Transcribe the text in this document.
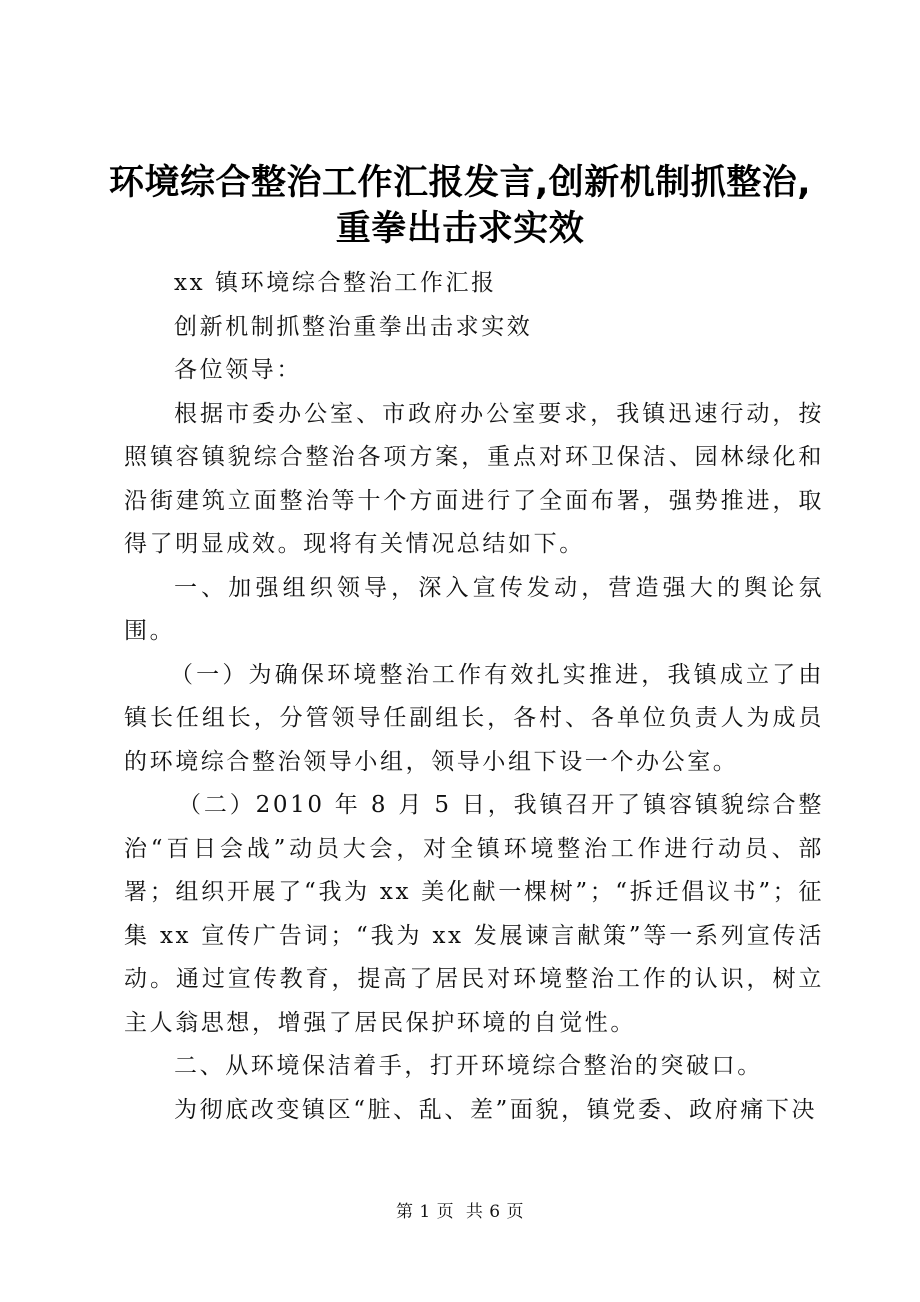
环境综合整治工作汇报发言,创新机制抓整治,
重拳出击求实效

xx 镇环境综合整治工作汇报

创新机制抓整治重拳出击求实效

各位领导：

根据市委办公室、市政府办公室要求，我镇迅速行动，按照镇容镇貌综合整治各项方案，重点对环卫保洁、园林绿化和沿街建筑立面整治等十个方面进行了全面布署，强势推进，取得了明显成效。现将有关情况总结如下。

一、加强组织领导，深入宣传发动，营造强大的舆论氛围。

（一）为确保环境整治工作有效扎实推进，我镇成立了由镇长任组长，分管领导任副组长，各村、各单位负责人为成员的环境综合整治领导小组，领导小组下设一个办公室。

（二）2010 年 8 月 5 日，我镇召开了镇容镇貌综合整治“百日会战”动员大会，对全镇环境整治工作进行动员、部署；组织开展了“我为 xx 美化献一棵树”；“拆迁倡议书”；征集 xx 宣传广告词；“我为 xx 发展谏言献策”等一系列宣传活动。通过宣传教育，提高了居民对环境整治工作的认识，树立主人翁思想，增强了居民保护环境的自觉性。

二、从环境保洁着手，打开环境综合整治的突破口。

为彻底改变镇区“脏、乱、差”面貌，镇党委、政府痛下决

第 1 页  共 6 页
